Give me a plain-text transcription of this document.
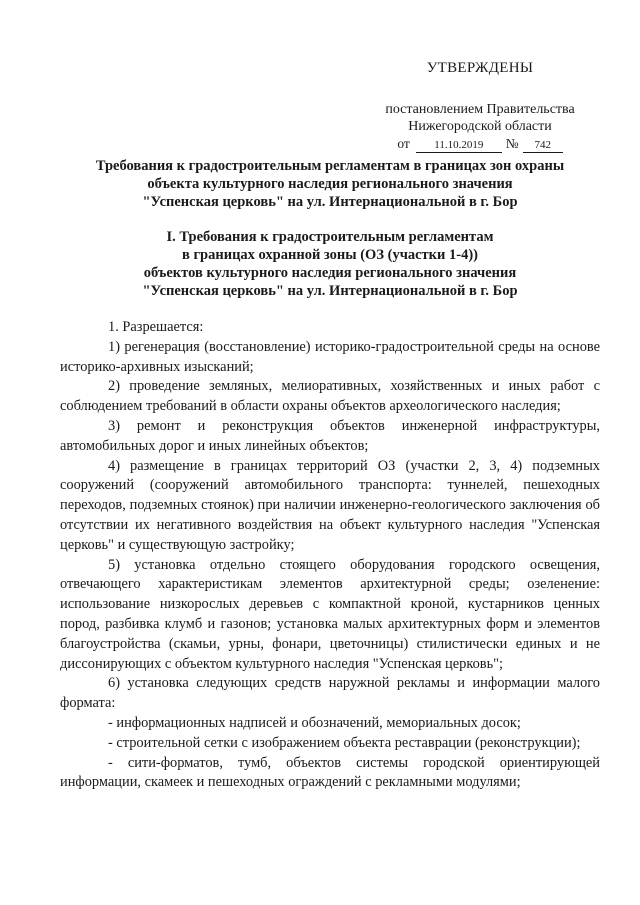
УТВЕРЖДЕНЫ
постановлением Правительства
Нижегородской области
от 11.10.2019 № 742
Требования к градостроительным регламентам в границах зон охраны
объекта культурного наследия регионального значения
"Успенская церковь" на ул. Интернациональной в г. Бор
I. Требования к градостроительным регламентам
в границах охранной зоны (ОЗ (участки 1-4))
объектов культурного наследия регионального значения
"Успенская церковь" на ул. Интернациональной в г. Бор

1. Разрешается:

1) регенерация (восстановление) историко-градостроительной среды на основе историко-архивных изысканий;

2) проведение земляных, мелиоративных, хозяйственных и иных работ с соблюдением требований в области охраны объектов археологического наследия;

3) ремонт и реконструкция объектов инженерной инфраструктуры, автомобильных дорог и иных линейных объектов;

4) размещение в границах территорий ОЗ (участки 2, 3, 4) подземных сооружений (сооружений автомобильного транспорта: туннелей, пешеходных переходов, подземных стоянок) при наличии инженерно-геологического заключения об отсутствии их негативного воздействия на объект культурного наследия "Успенская церковь" и существующую застройку;

5) установка отдельно стоящего оборудования городского освещения, отвечающего характеристикам элементов архитектурной среды; озеленение: использование низкорослых деревьев с компактной кроной, кустарников ценных пород, разбивка клумб и газонов; установка малых архитектурных форм и элементов благоустройства (скамьи, урны, фонари, цветочницы) стилистически единых и не диссонирующих с объектом культурного наследия "Успенская церковь";

6) установка следующих средств наружной рекламы и информации малого формата:

- информационных надписей и обозначений, мемориальных досок;

- строительной сетки с изображением объекта реставрации (реконструкции);

- сити-форматов, тумб, объектов системы городской ориентирующей информации, скамеек и пешеходных ограждений с рекламными модулями;
